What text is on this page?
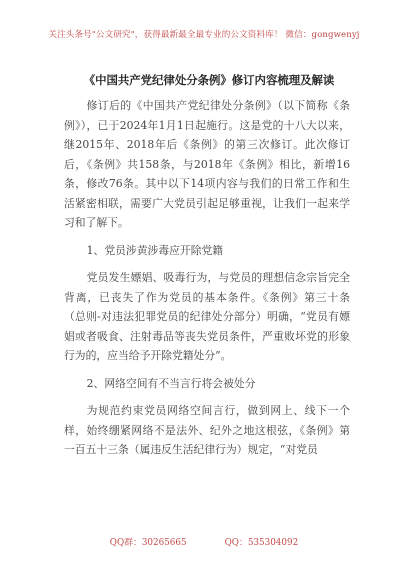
关注头条号"公文研究"，获得最新最全最专业的公文资料库！ 微信：gongwenyj
《中国共产党纪律处分条例》修订内容梳理及解读

修订后的《中国共产党纪律处分条例》（以下简称《条例》），已于2024年1月1日起施行。这是党的十八大以来，继2015年、2018年后《条例》的第三次修订。此次修订后，《条例》共158条，与2018年《条例》相比，新增16条，修改76条。其中以下14项内容与我们的日常工作和生活紧密相联，需要广大党员引起足够重视，让我们一起来学习和了解下。

1、党员涉黄涉毒应开除党籍

党员发生嫖娼、吸毒行为，与党员的理想信念宗旨完全背离，已丧失了作为党员的基本条件。《条例》第三十条（总则-对违法犯罪党员的纪律处分部分）明确，“党员有嫖娼或者吸食、注射毒品等丧失党员条件，严重败坏党的形象行为的，应当给予开除党籍处分”。

2、网络空间有不当言行将会被处分

为规范约束党员网络空间言行，做到网上、线下一个样，始终绷紧网络不是法外、纪外之地这根弦，《条例》第一百五十三条（属违反生活纪律行为）规定，“对党员

QQ群：30265665	QQ：535304092
